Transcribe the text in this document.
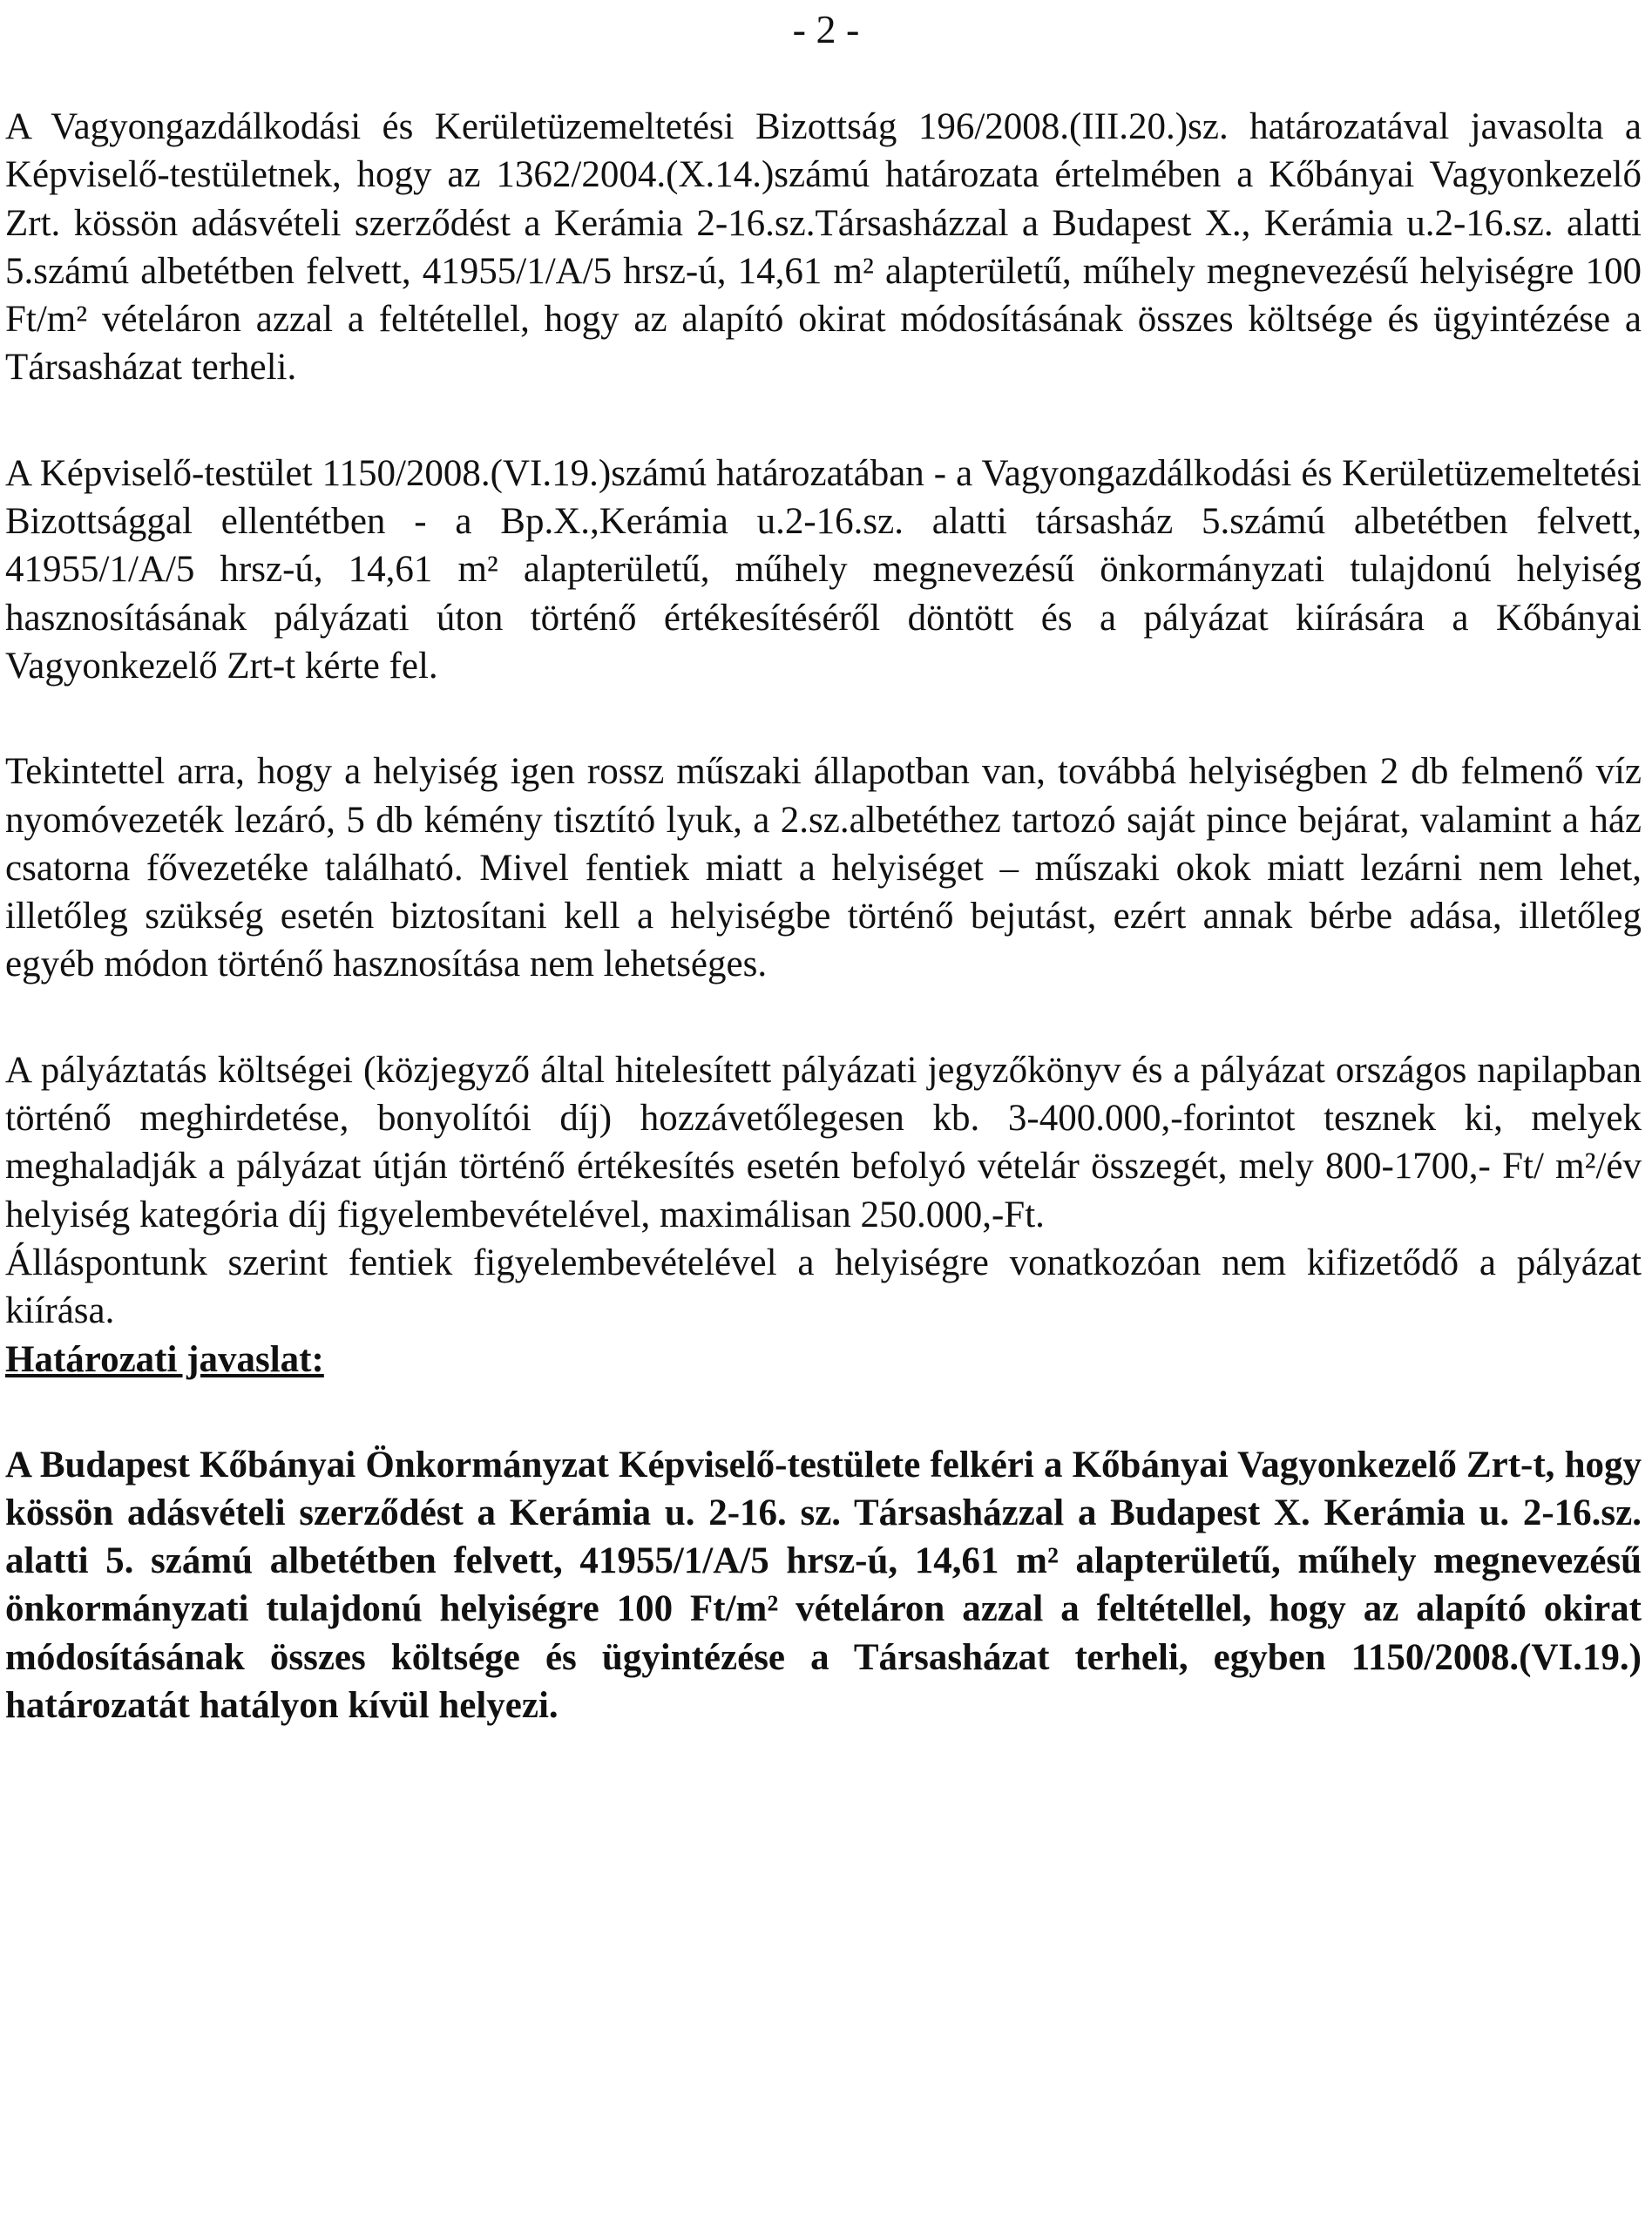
- 2 -

A Vagyongazdálkodási és Kerületüzemeltetési Bizottság 196/2008.(III.20.)sz. határozatával javasolta a Képviselő-testületnek, hogy az 1362/2004.(X.14.)számú határozata értelmében a Kőbányai Vagyonkezelő Zrt. kössön adásvételi szerződést a Kerámia 2-16.sz.Társasházzal a Budapest X., Kerámia u.2-16.sz. alatti 5.számú albetétben felvett, 41955/1/A/5 hrsz-ú, 14,61 m² alapterületű, műhely megnevezésű helyiségre 100 Ft/m² vételáron azzal a feltétellel, hogy az alapító okirat módosításának összes költsége és ügyintézése a Társasházat terheli.

A Képviselő-testület 1150/2008.(VI.19.)számú határozatában - a Vagyongazdálkodási és Kerületüzemeltetési Bizottsággal ellentétben - a Bp.X.,Kerámia u.2-16.sz. alatti társasház 5.számú albetétben felvett, 41955/1/A/5 hrsz-ú, 14,61 m² alapterületű, műhely megnevezésű önkormányzati tulajdonú helyiség hasznosításának pályázati úton történő értékesítéséről döntött és a pályázat kiírására a Kőbányai Vagyonkezelő Zrt-t kérte fel.

Tekintettel arra, hogy a helyiség igen rossz műszaki állapotban van, továbbá helyiségben 2 db felmenő víz nyomóvezeték lezáró, 5 db kémény tisztító lyuk, a 2.sz.albetéthez tartozó saját pince bejárat, valamint a ház csatorna fővezetéke található. Mivel fentiek miatt a helyiséget – műszaki okok miatt lezárni nem lehet, illetőleg szükség esetén biztosítani kell a helyiségbe történő bejutást, ezért annak bérbe adása, illetőleg egyéb módon történő hasznosítása nem lehetséges.

A pályáztatás költségei (közjegyző által hitelesített pályázati jegyzőkönyv és a pályázat országos napilapban történő meghirdetése, bonyolítói díj) hozzávetőlegesen kb. 3-400.000,-forintot tesznek ki, melyek meghaladják a pályázat útján történő értékesítés esetén befolyó vételár összegét, mely 800-1700,- Ft/ m²/év helyiség kategória díj figyelembevételével, maximálisan 250.000,-Ft.

Álláspontunk szerint fentiek figyelembevételével a helyiségre vonatkozóan nem kifizetődő a pályázat kiírása.

Határozati javaslat:

A Budapest Kőbányai Önkormányzat Képviselő-testülete felkéri a Kőbányai Vagyonkezelő Zrt-t, hogy kössön adásvételi szerződést a Kerámia u. 2-16. sz. Társasházzal a Budapest X. Kerámia u. 2-16.sz. alatti 5. számú albetétben felvett, 41955/1/A/5 hrsz-ú, 14,61 m² alapterületű, műhely megnevezésű önkormányzati tulajdonú helyiségre 100 Ft/m² vételáron azzal a feltétellel, hogy az alapító okirat módosításának összes költsége és ügyintézése a Társasházat terheli, egyben 1150/2008.(VI.19.) határozatát hatályon kívül helyezi.
